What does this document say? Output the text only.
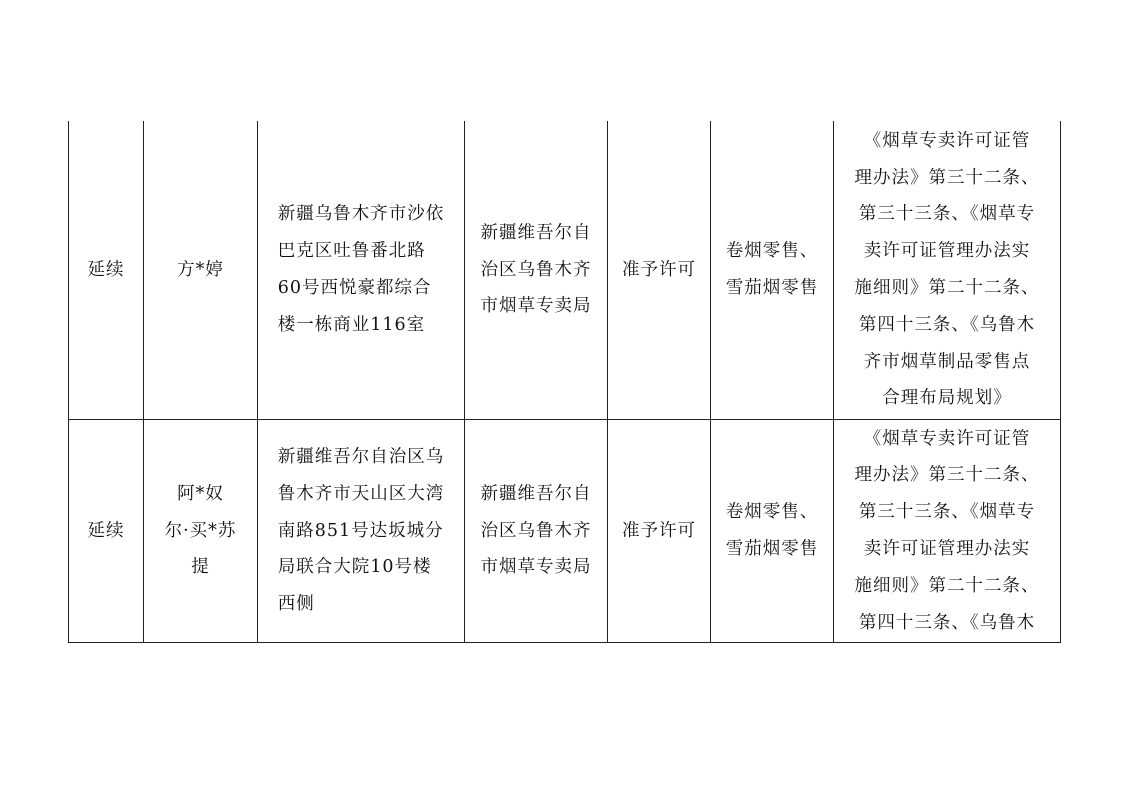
延续	方*婷
新疆乌鲁木齐市沙依
巴克区吐鲁番北路
60号西悦豪都综合
楼一栋商业116室
新疆维吾尔自
治区乌鲁木齐
市烟草专卖局
准予许可
卷烟零售、
雪茄烟零售
《烟草专卖许可证管
理办法》第三十二条、
第三十三条、《烟草专
卖许可证管理办法实
施细则》第二十二条、
第四十三条、《乌鲁木
齐市烟草制品零售点
合理布局规划》
延续
阿*奴
尔·买*苏
提
新疆维吾尔自治区乌
鲁木齐市天山区大湾
南路851号达坂城分
局联合大院10号楼
西侧
新疆维吾尔自
治区乌鲁木齐
市烟草专卖局
准予许可
卷烟零售、
雪茄烟零售
《烟草专卖许可证管
理办法》第三十二条、
第三十三条、《烟草专
卖许可证管理办法实
施细则》第二十二条、
第四十三条、《乌鲁木
